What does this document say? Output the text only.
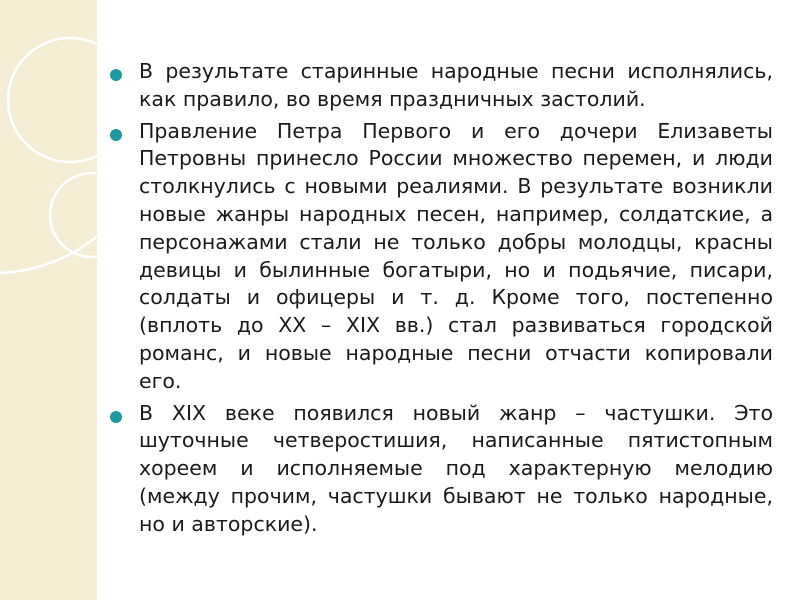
В результате старинные народные песни исполнялись, как правило, во время праздничных застолий.
Правление Петра Первого и его дочери Елизаветы Петровны принесло России множество перемен, и люди столкнулись с новыми реалиями. В результате возникли новые жанры народных песен, например, солдатские, а персонажами стали не только добры молодцы, красны девицы и былинные богатыри, но и подьячие, писари, солдаты и офицеры и т. д. Кроме того, постепенно (вплоть до XX – XIX вв.) стал развиваться городской романс, и новые народные песни отчасти копировали его.
В XIX веке появился новый жанр – частушки. Это шуточные четверостишия, написанные пятистопным хореем и исполняемые под характерную мелодию (между прочим, частушки бывают не только народные, но и авторские).
